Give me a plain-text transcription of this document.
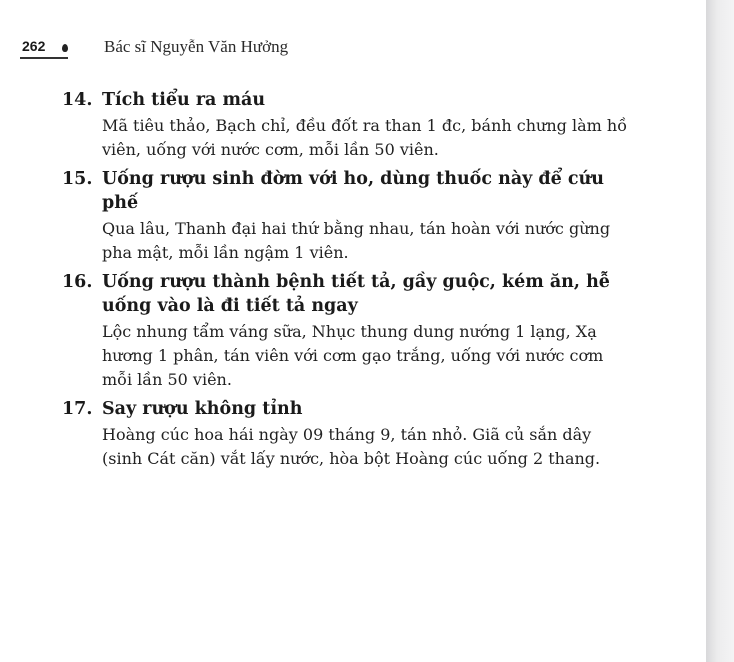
262	Bác sĩ Nguyễn Văn Hưởng
14. Tích tiểu ra máu
Mã tiêu thảo, Bạch chỉ, đều đốt ra than 1 đc, bánh chưng làm hồ
viên, uống với nước cơm, mỗi lần 50 viên.
15. Uống rượu sinh đờm với ho, dùng thuốc này để cứu
phế
Qua lâu, Thanh đại hai thứ bằng nhau, tán hoàn với nước gừng
pha mật, mỗi lần ngậm 1 viên.
16. Uống rượu thành bệnh tiết tả, gầy guộc, kém ăn, hễ
uống vào là đi tiết tả ngay
Lộc nhung tẩm váng sữa, Nhục thung dung nướng 1 lạng, Xạ
hương 1 phân, tán viên với cơm gạo trắng, uống với nước cơm
mỗi lần 50 viên.
17. Say rượu không tỉnh
Hoàng cúc hoa hái ngày 09 tháng 9, tán nhỏ. Giã củ sắn dây
(sinh Cát căn) vắt lấy nước, hòa bột Hoàng cúc uống 2 thang.
